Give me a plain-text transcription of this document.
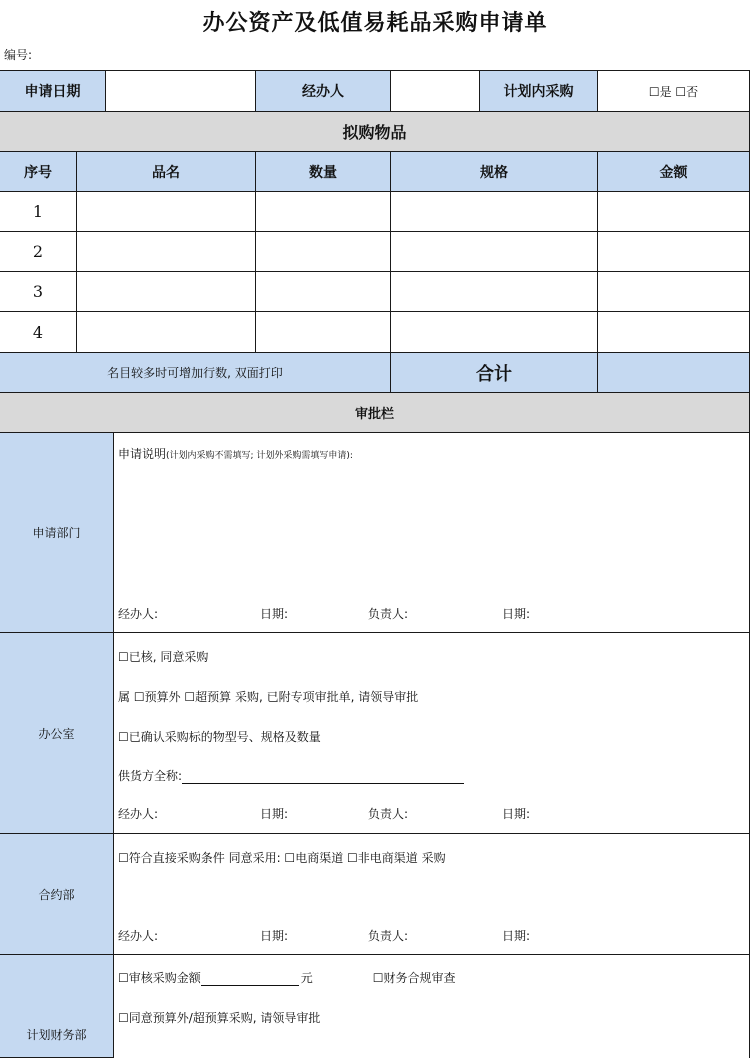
办公资产及低值易耗品采购申请单
编号:
申请日期	经办人	计划内采购	☐是 ☐否
拟购物品
序号	品名	数量	规格	金额
1
2
3
4
名目较多时可增加行数, 双面打印	合计
审批栏
申请部门
申请说明(计划内采购不需填写; 计划外采购需填写申请):
经办人:	日期:	负责人:	日期:
办公室
☐已核, 同意采购
属 ☐预算外 ☐超预算 采购, 已附专项审批单, 请领导审批
☐已确认采购标的物型号、规格及数量
供货方全称:
经办人:	日期:	负责人:	日期:
合约部
☐符合直接采购条件 同意采用: ☐电商渠道 ☐非电商渠道 采购
经办人:	日期:	负责人:	日期:
计划财务部
☐审核采购金额	元	☐财务合规审查
☐同意预算外/超预算采购, 请领导审批
